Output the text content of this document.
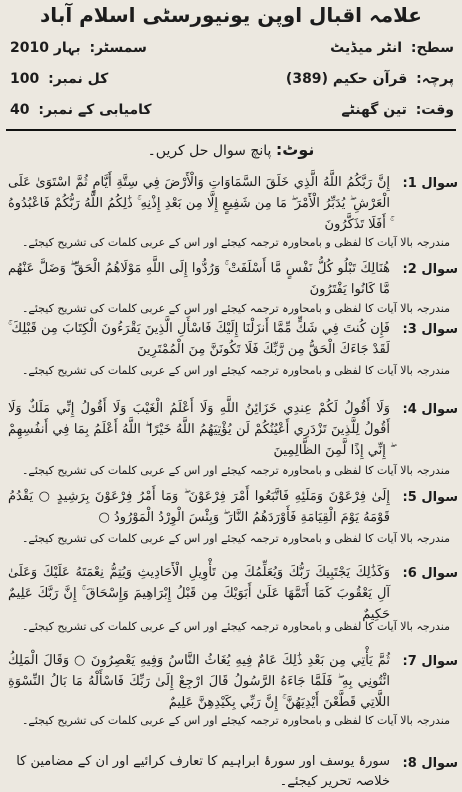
علامہ اقبال اوپن یونیورسٹی اسلام آباد
سطح: انٹر میڈیٹ
سمسٹر: بہار 2010
پرچہ: قرآن حکیم (389)
کل نمبر: 100
وقت: تین گھنٹے
کامیابی کے نمبر: 40
نوٹ: پانچ سوال حل کریں۔
سوال 1:
إِنَّ رَبَّكُمُ اللَّهُ الَّذِي خَلَقَ السَّمَاوَاتِ وَالْأَرْضَ فِي سِتَّةِ أَيَّامٍ ثُمَّ اسْتَوَىٰ عَلَى الْعَرْشِ ۖ يُدَبِّرُ الْأَمْرَ ۖ مَا مِن شَفِيعٍ إِلَّا مِن بَعْدِ إِذْنِهِ ۚ ذَٰلِكُمُ اللَّهُ رَبُّكُمْ فَاعْبُدُوهُ ۚ أَفَلَا تَذَكَّرُونَ
مندرجہ بالا آیات کا لفظی و بامحاورہ ترجمہ کیجئے اور اس کے عربی کلمات کی تشریح کیجئے۔
سوال 2:
هُنَالِكَ تَبْلُو كُلُّ نَفْسٍ مَّا أَسْلَفَتْ ۚ وَرُدُّوا إِلَى اللَّهِ مَوْلَاهُمُ الْحَقِّ ۖ وَضَلَّ عَنْهُم مَّا كَانُوا يَفْتَرُونَ
مندرجہ بالا آیات کا لفظی و بامحاورہ ترجمہ کیجئے اور اس کے عربی کلمات کی تشریح کیجئے۔
سوال 3:
فَإِن كُنتَ فِي شَكٍّ مِّمَّا أَنزَلْنَا إِلَيْكَ فَاسْأَلِ الَّذِينَ يَقْرَءُونَ الْكِتَابَ مِن قَبْلِكَ ۚ لَقَدْ جَاءَكَ الْحَقُّ مِن رَّبِّكَ فَلَا تَكُونَنَّ مِنَ الْمُمْتَرِينَ
مندرجہ بالا آیات کا لفظی و بامحاورہ ترجمہ کیجئے اور اس کے عربی کلمات کی تشریح کیجئے۔
سوال 4:
وَلَا أَقُولُ لَكُمْ عِندِي خَزَائِنُ اللَّهِ وَلَا أَعْلَمُ الْغَيْبَ وَلَا أَقُولُ إِنِّي مَلَكٌ وَلَا أَقُولُ لِلَّذِينَ تَزْدَرِي أَعْيُنُكُمْ لَن يُؤْتِيَهُمُ اللَّهُ خَيْرًا ۖ اللَّهُ أَعْلَمُ بِمَا فِي أَنفُسِهِمْ ۖ إِنِّي إِذًا لَّمِنَ الظَّالِمِينَ
مندرجہ بالا آیات کا لفظی و بامحاورہ ترجمہ کیجئے اور اس کے عربی کلمات کی تشریح کیجئے۔
سوال 5:
إِلَىٰ فِرْعَوْنَ وَمَلَئِهِ فَاتَّبَعُوا أَمْرَ فِرْعَوْنَ ۖ وَمَا أَمْرُ فِرْعَوْنَ بِرَشِيدٍ ○ يَقْدُمُ قَوْمَهُ يَوْمَ الْقِيَامَةِ فَأَوْرَدَهُمُ النَّارَ ۖ وَبِئْسَ الْوِرْدُ الْمَوْرُودُ ○
مندرجہ بالا آیات کا لفظی و بامحاورہ ترجمہ کیجئے اور اس کے عربی کلمات کی تشریح کیجئے۔
سوال 6:
وَكَذَٰلِكَ يَجْتَبِيكَ رَبُّكَ وَيُعَلِّمُكَ مِن تَأْوِيلِ الْأَحَادِيثِ وَيُتِمُّ نِعْمَتَهُ عَلَيْكَ وَعَلَىٰ آلِ يَعْقُوبَ كَمَا أَتَمَّهَا عَلَىٰ أَبَوَيْكَ مِن قَبْلُ إِبْرَاهِيمَ وَإِسْحَاقَ ۚ إِنَّ رَبَّكَ عَلِيمٌ حَكِيمٌ
مندرجہ بالا آیات کا لفظی و بامحاورہ ترجمہ کیجئے اور اس کے عربی کلمات کی تشریح کیجئے۔
سوال 7:
ثُمَّ يَأْتِي مِن بَعْدِ ذَٰلِكَ عَامٌ فِيهِ يُغَاثُ النَّاسُ وَفِيهِ يَعْصِرُونَ ○ وَقَالَ الْمَلِكُ ائْتُونِي بِهِ ۖ فَلَمَّا جَاءَهُ الرَّسُولُ قَالَ ارْجِعْ إِلَىٰ رَبِّكَ فَاسْأَلْهُ مَا بَالُ النِّسْوَةِ اللَّاتِي قَطَّعْنَ أَيْدِيَهُنَّ ۚ إِنَّ رَبِّي بِكَيْدِهِنَّ عَلِيمٌ
مندرجہ بالا آیات کا لفظی و بامحاورہ ترجمہ کیجئے اور اس کے عربی کلمات کی تشریح کیجئے۔
سوال 8:
سورۂ یوسف اور سورۂ ابراہیم کا تعارف کرائیے اور ان کے مضامین کا خلاصہ تحریر کیجئے۔
